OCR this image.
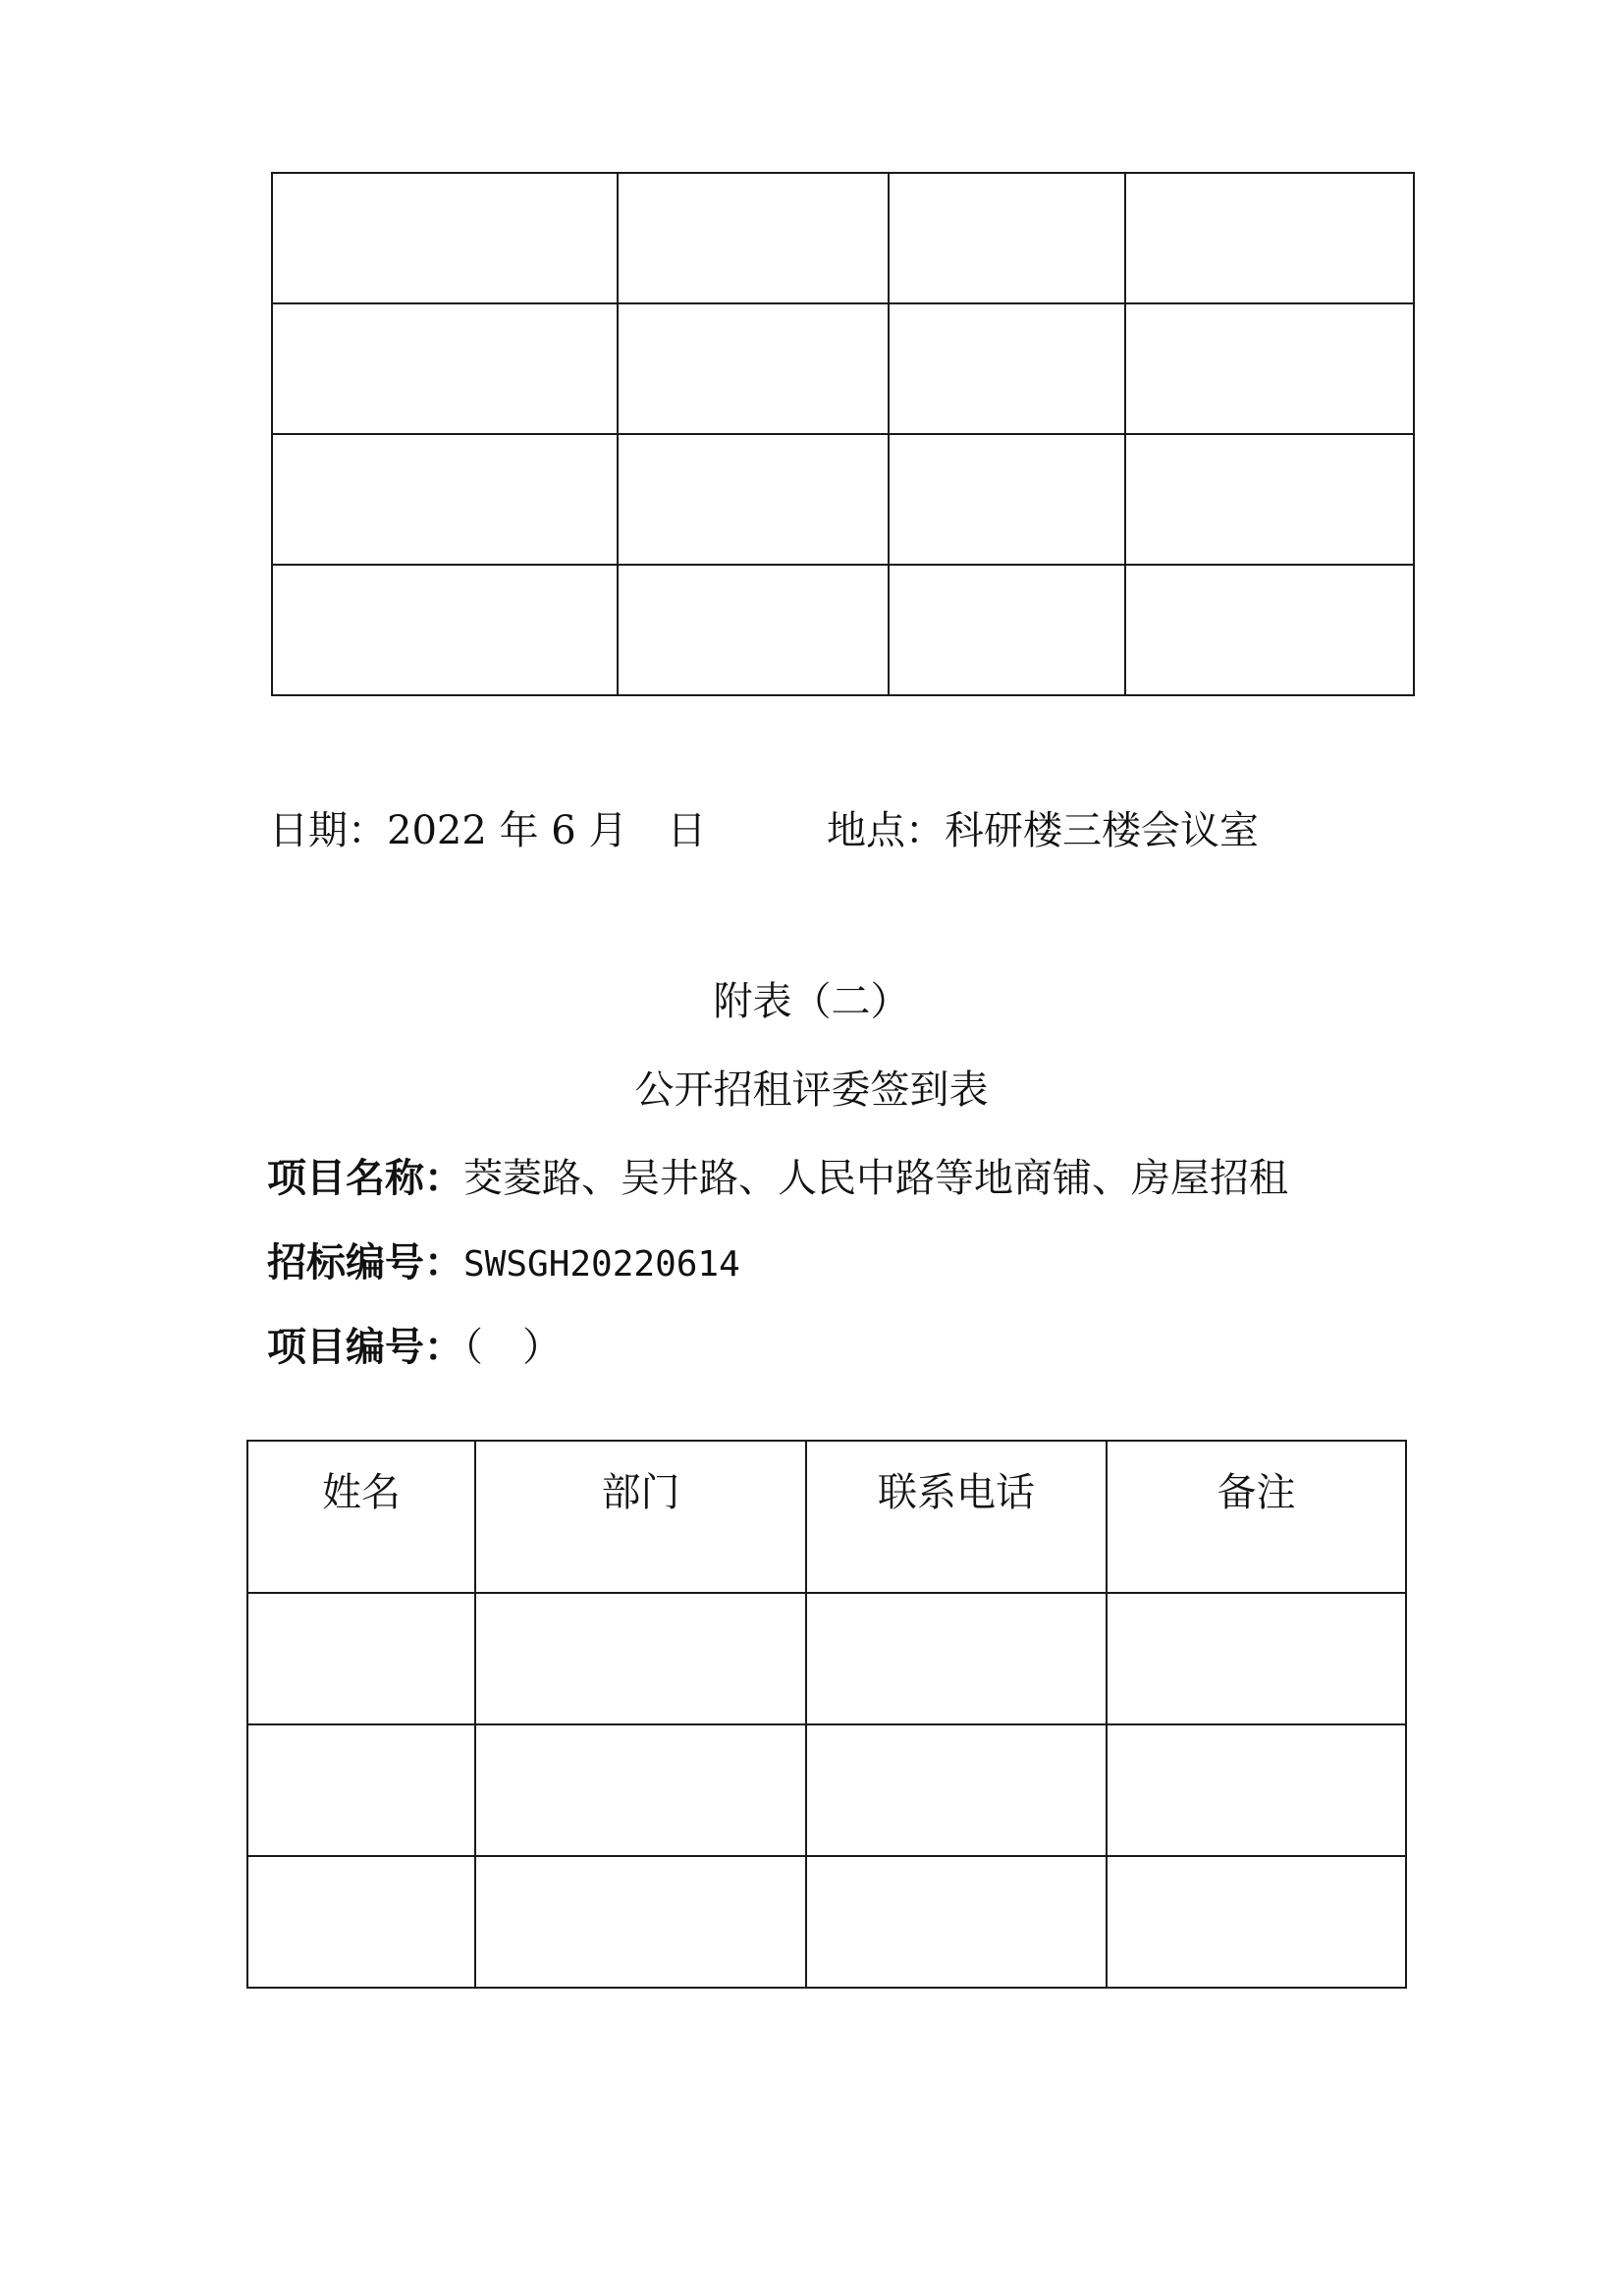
日期：2022 年 6 月　日	地点：科研楼三楼会议室
附表（二）
公开招租评委签到表
项目名称：茭菱路、吴井路、人民中路等地商铺、房屋招租
招标编号：SWSGH20220614
项目编号：（　）
姓名	部门	联系电话	备注
